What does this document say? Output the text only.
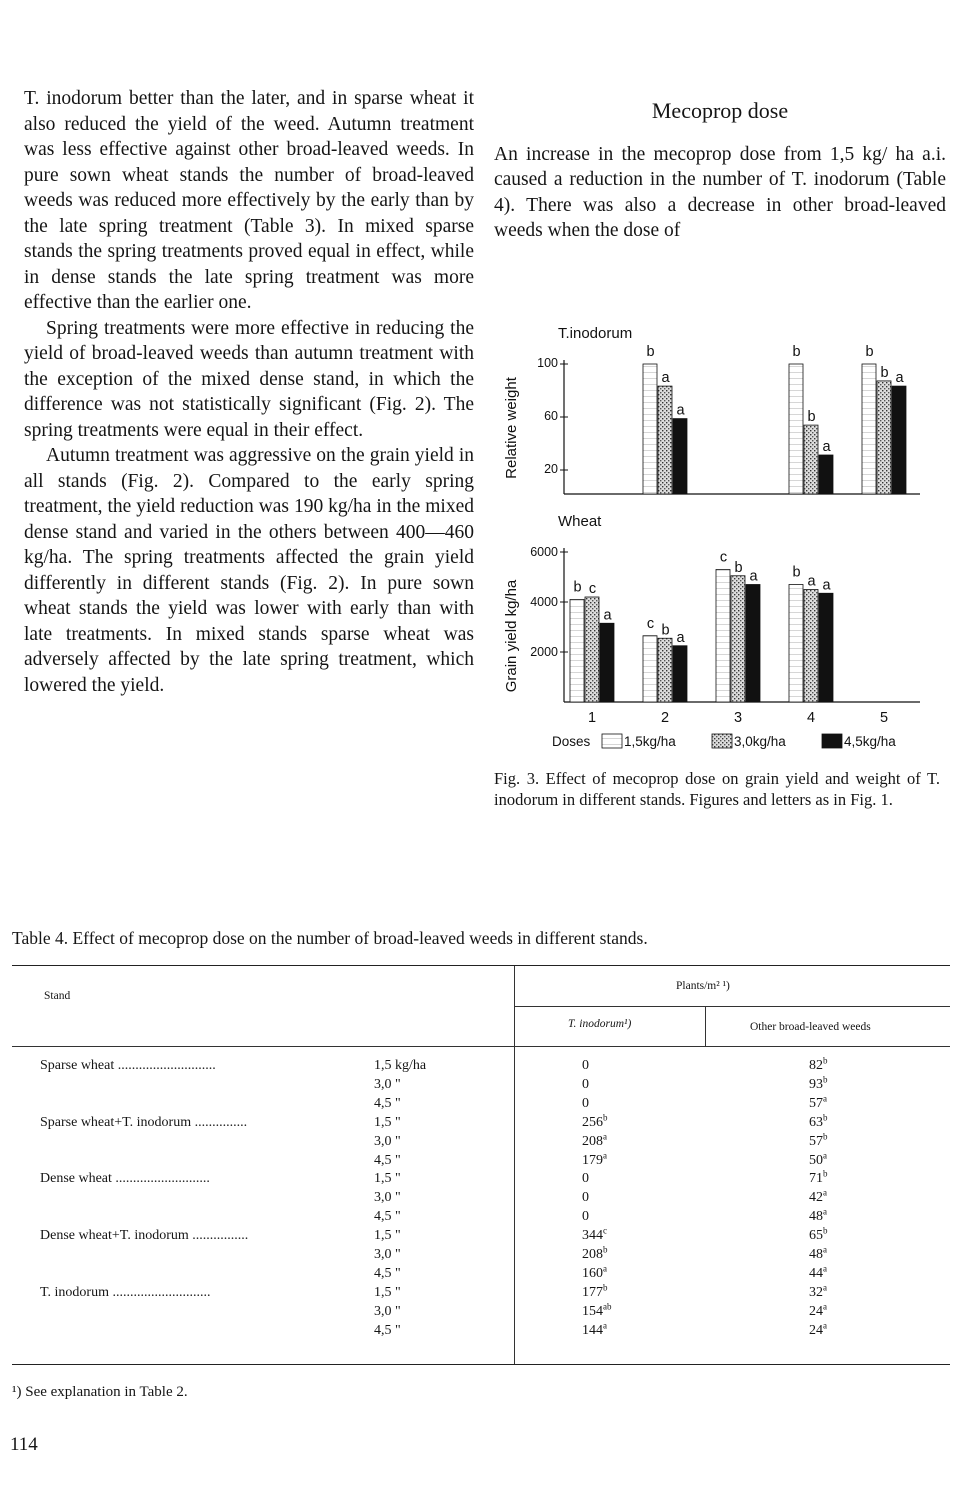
T. inodorum better than the later, and in sparse wheat it also reduced the yield of the weed. Autumn treatment was less effective against other broad-leaved weeds. In pure sown wheat stands the number of broad-leaved weeds was reduced more effectively by the early than by the late spring treatment (Table 3). In mixed sparse stands the spring treatments proved equal in effect, while in dense stands the late spring treatment was more effective than the earlier one.

Spring treatments were more effective in reducing the yield of broad-leaved weeds than autumn treatment with the exception of the mixed dense stand, in which the difference was not statistically significant (Fig. 2). The spring treatments were equal in their effect.

Autumn treatment was aggressive on the grain yield in all stands (Fig. 2). Compared to the early spring treatment, the yield reduction was 190 kg/ha in the mixed dense stand and varied in the others between 400—460 kg/ha. The spring treatments affected the grain yield differently in different stands (Fig. 2). In pure sown wheat stands the yield was lower with early than with late treatments. In mixed stands sparse wheat was adversely affected by the late spring treatment, which lowered the yield.

Mecoprop dose

An increase in the mecoprop dose from 1,5 kg/ ha a.i. caused a reduction in the number of T. inodorum (Table 4). There was also a decrease in other broad-leaved weeds when the dose of

100
60
20
T.inodorum
Relative weight
b
a
a
b
b
a
b
b a
6000
4000
2000
Wheat
Grain yield kg/ha	b c
a
c b a
c
b
a b
a a
1	2	3	4	5
Doses 1,5kg/ha	3,0kg/ha	4,5kg/ha
Fig. 3. Effect of mecoprop dose on grain yield and weight of T. inodorum in different stands. Figures and letters as in Fig. 1.
Table 4. Effect of mecoprop dose on the number of broad-leaved weeds in different stands.
Stand
Plants/m² ¹)
T. inodorum¹)	Other broad-leaved weeds
Sparse wheat ............................	1,5 kg/ha	0	82$^b$
3,0 "	0	93$^b$
4,5 "	0	57$^a$
Sparse wheat+T. inodorum ...............	1,5 "	256$^b$	63$^b$
3,0 "	208$^a$	57$^b$
4,5 "	179$^a$	50$^a$
Dense wheat ...........................	1,5 "	0	71$^b$
3,0 "	0	42$^a$
4,5 "	0	48$^a$
Dense wheat+T. inodorum ................	1,5 "	344$^c$	65$^b$
3,0 "	208$^b$	48$^a$
4,5 "	160$^a$	44$^a$
T. inodorum ............................	1,5 "	177$^b$	32$^a$
3,0 "	$154^{ab}$	24$^a$
4,5 "	144$^a$	24$^a$
¹) See explanation in Table 2.
114
